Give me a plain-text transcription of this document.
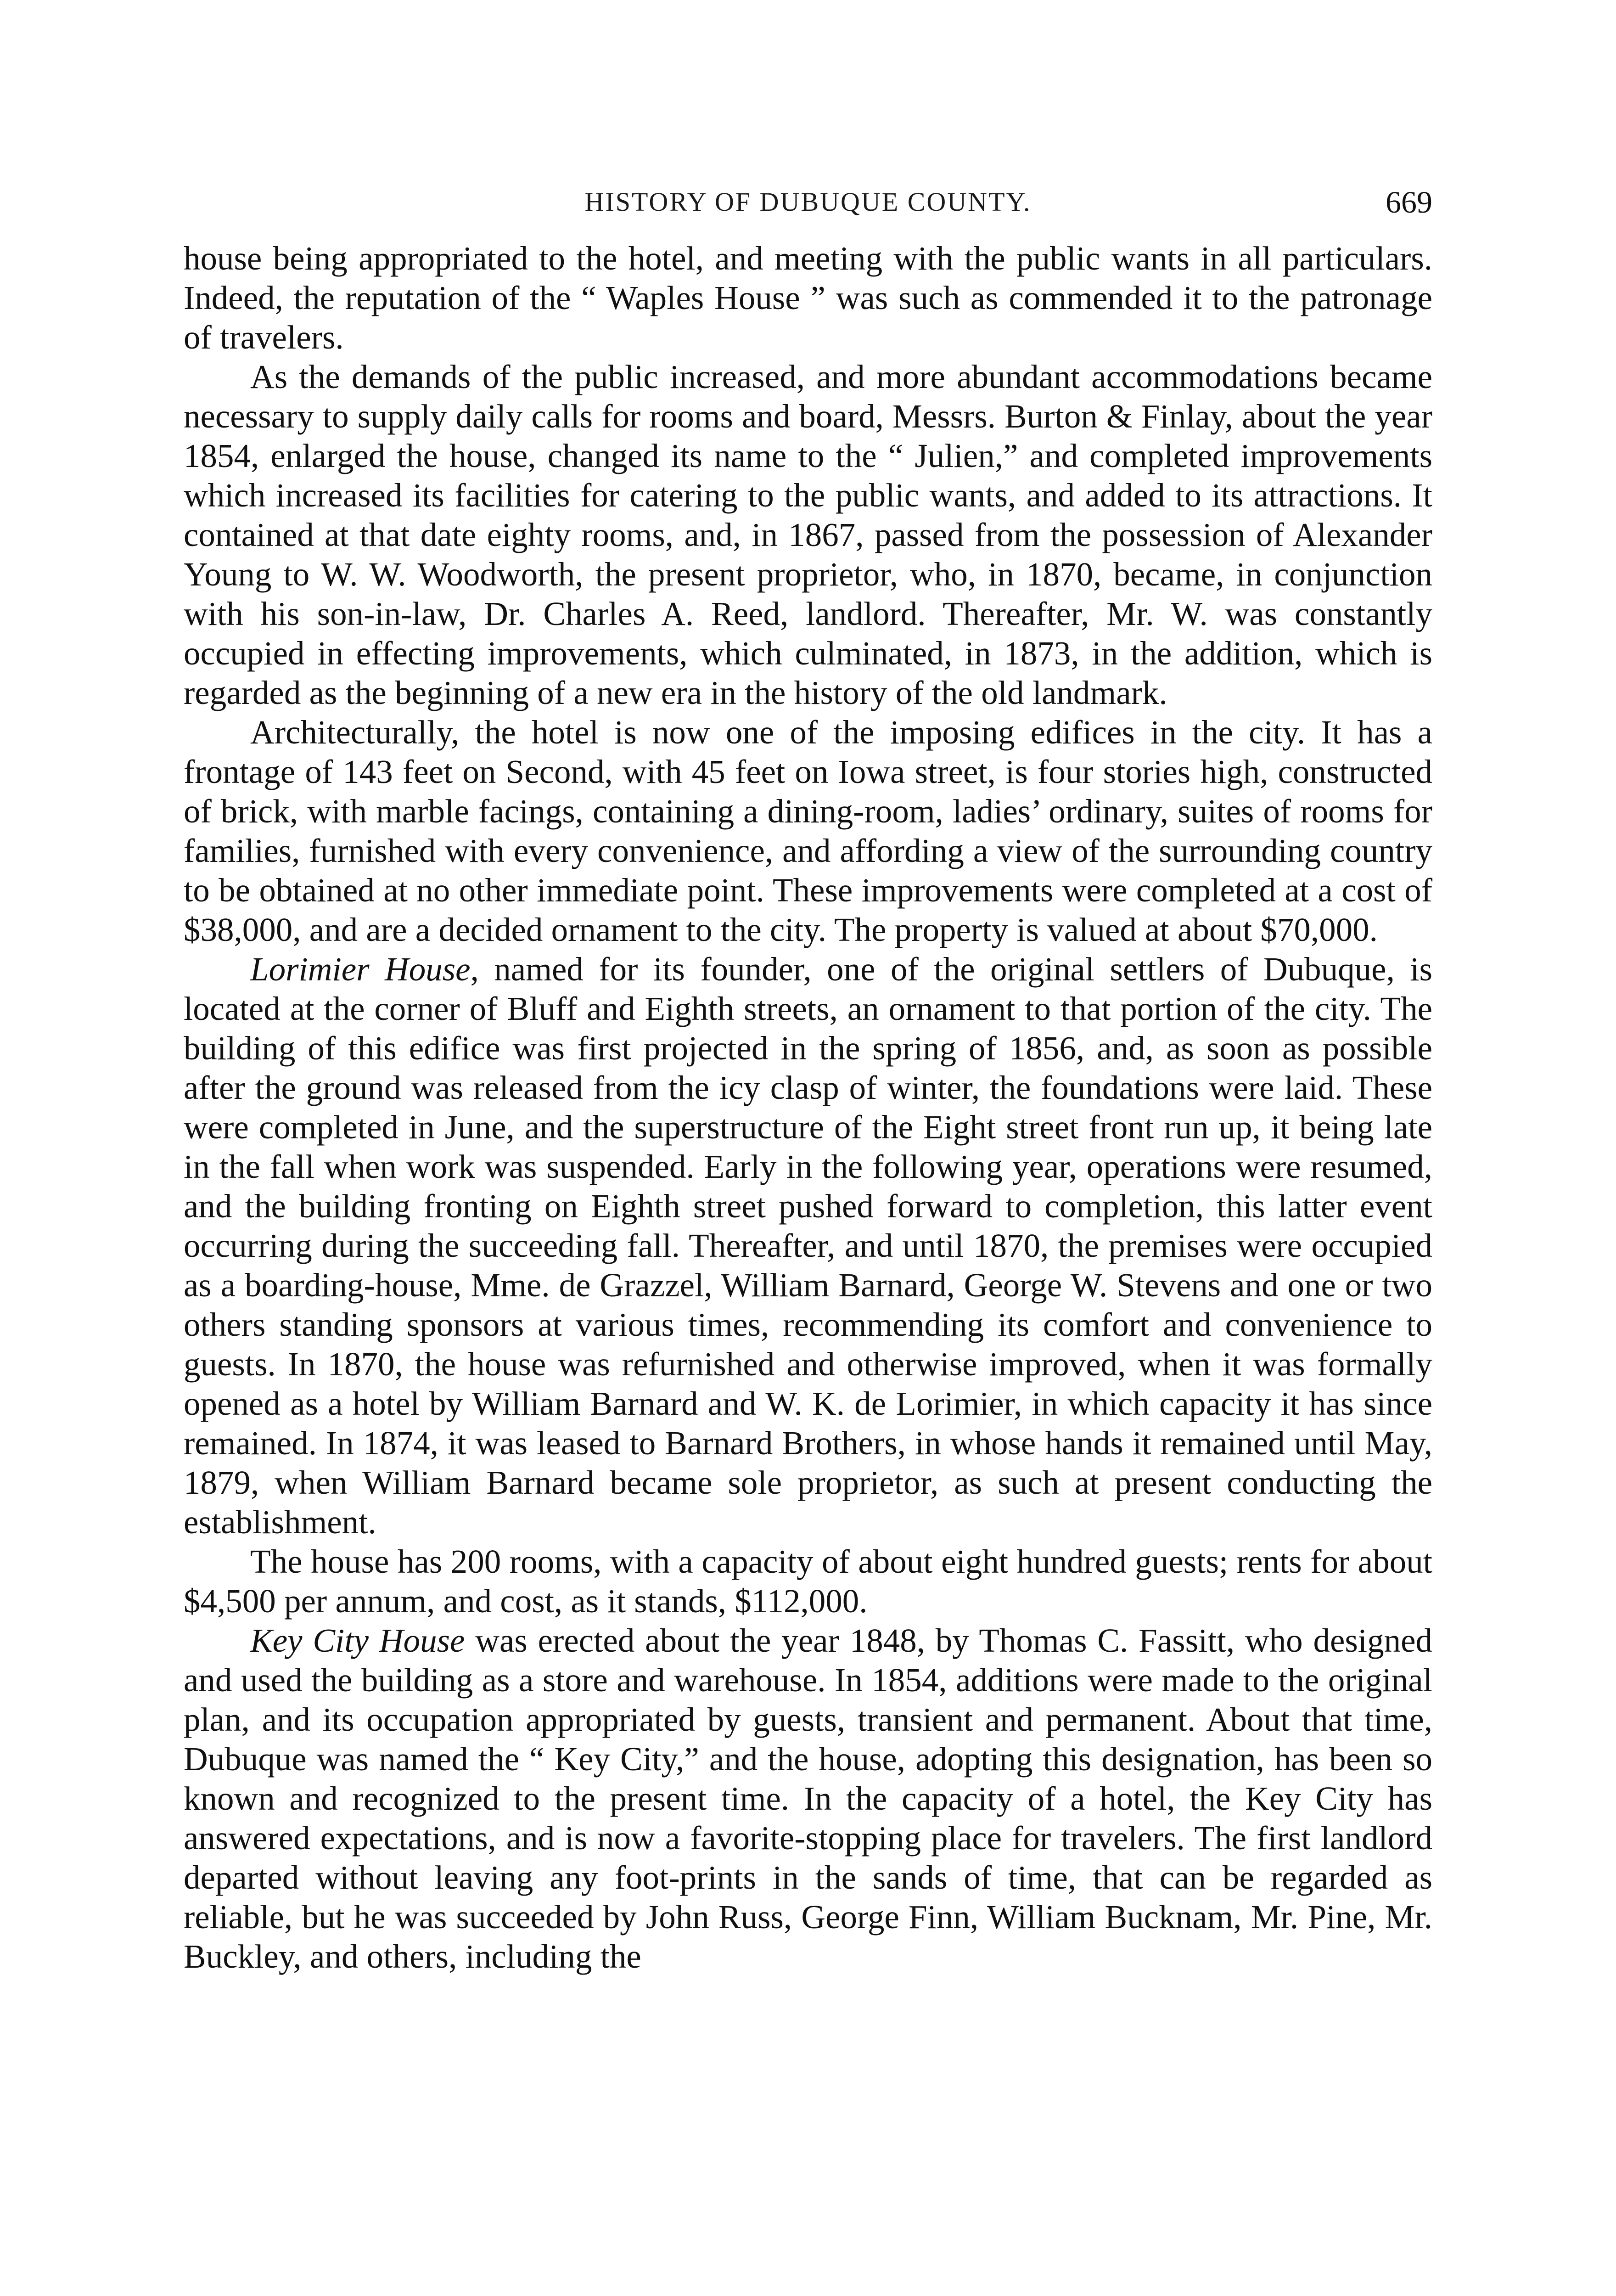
HISTORY OF DUBUQUE COUNTY.	669

house being appropriated to the hotel, and meeting with the public wants in all particulars. Indeed, the reputation of the “ Waples House ” was such as commended it to the patronage of travelers.

As the demands of the public increased, and more abundant accommodations became necessary to supply daily calls for rooms and board, Messrs. Burton & Finlay, about the year 1854, enlarged the house, changed its name to the “ Julien,” and completed improvements which increased its facilities for catering to the public wants, and added to its attractions. It contained at that date eighty rooms, and, in 1867, passed from the possession of Alexander Young to W. W. Woodworth, the present proprietor, who, in 1870, became, in conjunction with his son-in-law, Dr. Charles A. Reed, landlord. Thereafter, Mr. W. was constantly occupied in effecting improvements, which culminated, in 1873, in the addition, which is regarded as the beginning of a new era in the history of the old landmark.

Architecturally, the hotel is now one of the imposing edifices in the city. It has a frontage of 143 feet on Second, with 45 feet on Iowa street, is four stories high, constructed of brick, with marble facings, containing a dining-room, ladies’ ordinary, suites of rooms for families, furnished with every convenience, and affording a view of the surrounding country to be obtained at no other immediate point. These improvements were completed at a cost of $38,000, and are a decided ornament to the city. The property is valued at about $70,000.

Lorimier House, named for its founder, one of the original settlers of Dubuque, is located at the corner of Bluff and Eighth streets, an ornament to that portion of the city. The building of this edifice was first projected in the spring of 1856, and, as soon as possible after the ground was released from the icy clasp of winter, the foundations were laid. These were completed in June, and the superstructure of the Eight street front run up, it being late in the fall when work was suspended. Early in the following year, operations were resumed, and the building fronting on Eighth street pushed forward to completion, this latter event occurring during the succeeding fall. Thereafter, and until 1870, the premises were occupied as a boarding-house, Mme. de Grazzel, William Barnard, George W. Stevens and one or two others standing sponsors at various times, recommending its comfort and convenience to guests. In 1870, the house was refurnished and otherwise improved, when it was formally opened as a hotel by William Barnard and W. K. de Lorimier, in which capacity it has since remained. In 1874, it was leased to Barnard Brothers, in whose hands it remained until May, 1879, when William Barnard became sole proprietor, as such at present conducting the establishment.

The house has 200 rooms, with a capacity of about eight hundred guests; rents for about $4,500 per annum, and cost, as it stands, $112,000.

Key City House was erected about the year 1848, by Thomas C. Fassitt, who designed and used the building as a store and warehouse. In 1854, additions were made to the original plan, and its occupation appropriated by guests, transient and permanent. About that time, Dubuque was named the “ Key City,” and the house, adopting this designation, has been so known and recognized to the present time. In the capacity of a hotel, the Key City has answered expectations, and is now a favorite-stopping place for travelers. The first landlord departed without leaving any foot-prints in the sands of time, that can be regarded as reliable, but he was succeeded by John Russ, George Finn, William Bucknam, Mr. Pine, Mr. Buckley, and others, including the
